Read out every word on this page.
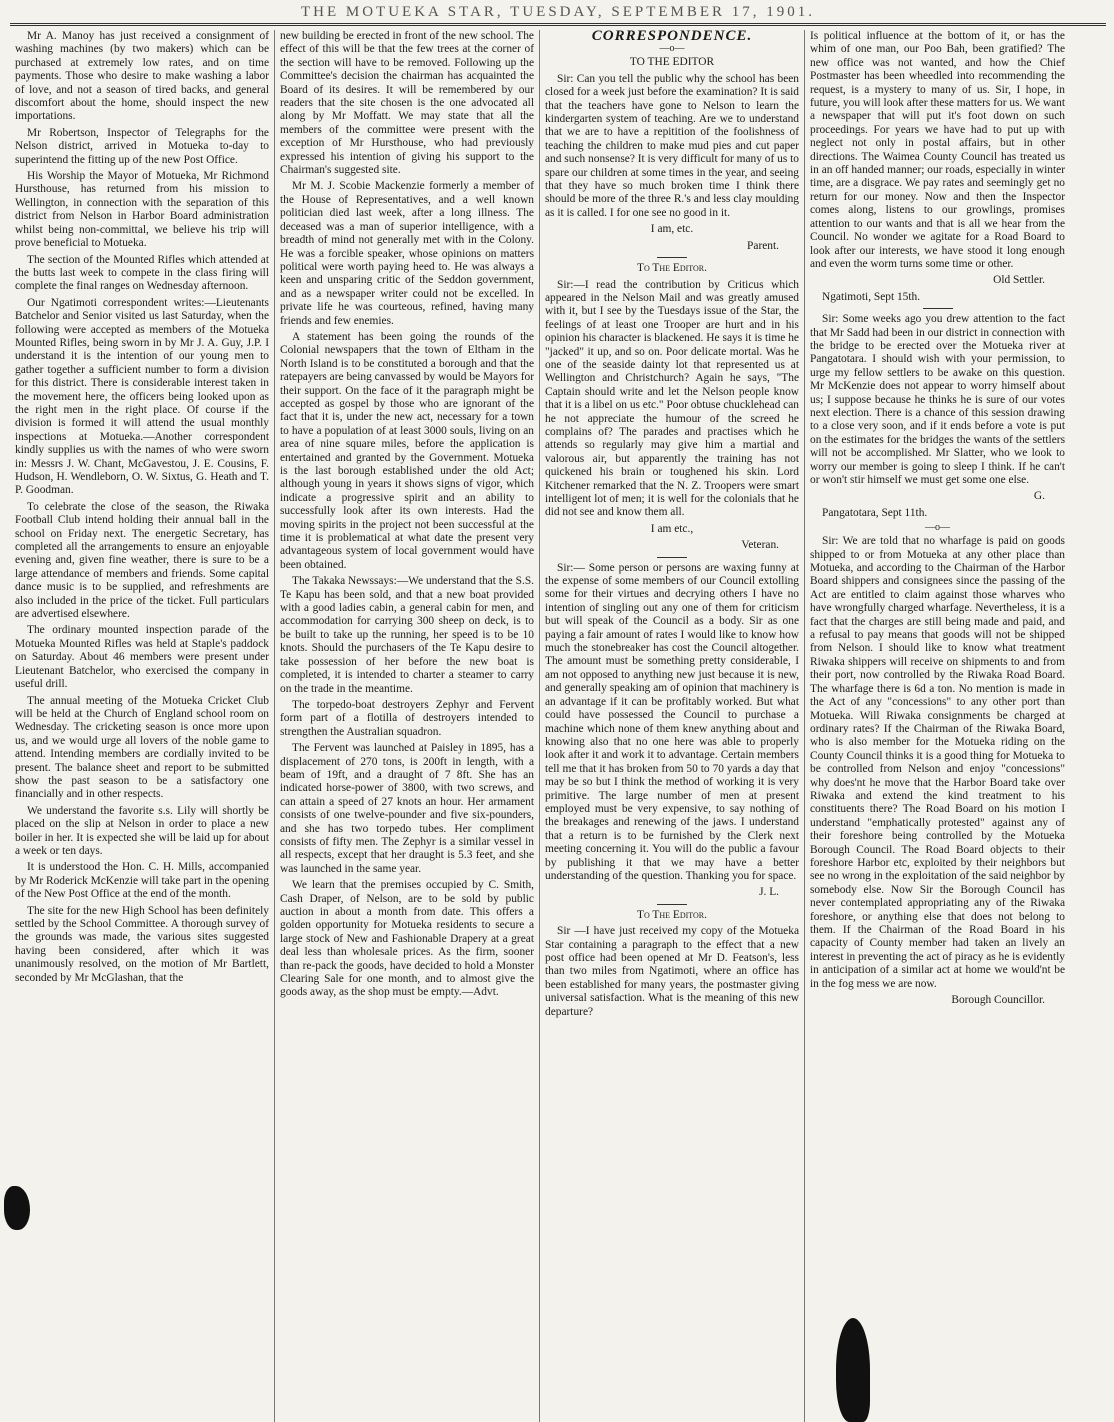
THE MOTUEKA STAR, TUESDAY, SEPTEMBER 17, 1901.

Mr A. Manoy has just received a consignment of washing machines (by two makers) which can be purchased at extremely low rates, and on time payments. Those who desire to make washing a labor of love, and not a season of tired backs, and general discomfort about the home, should inspect the new importations.

Mr Robertson, Inspector of Telegraphs for the Nelson district, arrived in Motueka to-day to superintend the fitting up of the new Post Office.

His Worship the Mayor of Motueka, Mr Richmond Hursthouse, has returned from his mission to Wellington, in connection with the separation of this district from Nelson in Harbor Board administration whilst being non-committal, we believe his trip will prove beneficial to Motueka.

The section of the Mounted Rifles which attended at the butts last week to compete in the class firing will complete the final ranges on Wednesday afternoon.

Our Ngatimoti correspondent writes:—Lieutenants Batchelor and Senior visited us last Saturday, when the following were accepted as members of the Motueka Mounted Rifles, being sworn in by Mr J. A. Guy, J.P. I understand it is the intention of our young men to gather together a sufficient number to form a division for this district. There is considerable interest taken in the movement here, the officers being looked upon as the right men in the right place. Of course if the division is formed it will attend the usual monthly inspections at Motueka.—Another correspondent kindly supplies us with the names of who were sworn in: Messrs J. W. Chant, McGavestou, J. E. Cousins, F. Hudson, H. Wendleborn, O. W. Sixtus, G. Heath and T. P. Goodman.

To celebrate the close of the season, the Riwaka Football Club intend holding their annual ball in the school on Friday next. The energetic Secretary, has completed all the arrangements to ensure an enjoyable evening and, given fine weather, there is sure to be a large attendance of members and friends. Some capital dance music is to be supplied, and refreshments are also included in the price of the ticket. Full particulars are advertised elsewhere.

The ordinary mounted inspection parade of the Motueka Mounted Rifles was held at Staple's paddock on Saturday. About 46 members were present under Lieutenant Batchelor, who exercised the company in useful drill.

The annual meeting of the Motueka Cricket Club will be held at the Church of England school room on Wednesday. The cricketing season is once more upon us, and we would urge all lovers of the noble game to attend. Intending members are cordially invited to be present. The balance sheet and report to be submitted show the past season to be a satisfactory one financially and in other respects.

We understand the favorite s.s. Lily will shortly be placed on the slip at Nelson in order to place a new boiler in her. It is expected she will be laid up for about a week or ten days.

It is understood the Hon. C. H. Mills, accompanied by Mr Roderick McKenzie will take part in the opening of the New Post Office at the end of the month.

The site for the new High School has been definitely settled by the School Committee. A thorough survey of the grounds was made, the various sites suggested having been considered, after which it was unanimously resolved, on the motion of Mr Bartlett, seconded by Mr McGlashan, that the

new building be erected in front of the new school. The effect of this will be that the few trees at the corner of the section will have to be removed. Following up the Committee's decision the chairman has acquainted the Board of its desires. It will be remembered by our readers that the site chosen is the one advocated all along by Mr Moffatt. We may state that all the members of the committee were present with the exception of Mr Hursthouse, who had previously expressed his intention of giving his support to the Chairman's suggested site.

Mr M. J. Scobie Mackenzie formerly a member of the House of Representatives, and a well known politician died last week, after a long illness. The deceased was a man of superior intelligence, with a breadth of mind not generally met with in the Colony. He was a forcible speaker, whose opinions on matters political were worth paying heed to. He was always a keen and unsparing critic of the Seddon government, and as a newspaper writer could not be excelled. In private life he was courteous, refined, having many friends and few enemies.

A statement has been going the rounds of the Colonial newspapers that the town of Eltham in the North Island is to be constituted a borough and that the ratepayers are being canvassed by would be Mayors for their support. On the face of it the paragraph might be accepted as gospel by those who are ignorant of the fact that it is, under the new act, necessary for a town to have a population of at least 3000 souls, living on an area of nine square miles, before the application is entertained and granted by the Government. Motueka is the last borough established under the old Act; although young in years it shows signs of vigor, which indicate a progressive spirit and an ability to successfully look after its own interests. Had the moving spirits in the project not been successful at the time it is problematical at what date the present very advantageous system of local government would have been obtained.

The Takaka Newssays:—We understand that the S.S. Te Kapu has been sold, and that a new boat provided with a good ladies cabin, a general cabin for men, and accommodation for carrying 300 sheep on deck, is to be built to take up the running, her speed is to be 10 knots. Should the purchasers of the Te Kapu desire to take possession of her before the new boat is completed, it is intended to charter a steamer to carry on the trade in the meantime.

The torpedo-boat destroyers Zephyr and Fervent form part of a flotilla of destroyers intended to strengthen the Australian squadron.

The Fervent was launched at Paisley in 1895, has a displacement of 270 tons, is 200ft in length, with a beam of 19ft, and a draught of 7 8ft. She has an indicated horse-power of 3800, with two screws, and can attain a speed of 27 knots an hour. Her armament consists of one twelve-pounder and five six-pounders, and she has two torpedo tubes. Her compliment consists of fifty men. The Zephyr is a similar vessel in all respects, except that her draught is 5.3 feet, and she was launched in the same year.

We learn that the premises occupied by C. Smith, Cash Draper, of Nelson, are to be sold by public auction in about a month from date. This offers a golden opportunity for Motueka residents to secure a large stock of New and Fashionable Drapery at a great deal less than wholesale prices. As the firm, sooner than re-pack the goods, have decided to hold a Monster Clearing Sale for one month, and to almost give the goods away, as the shop must be empty.—Advt.

CORRESPONDENCE.
—o—

TO THE EDITOR

Sir: Can you tell the public why the school has been closed for a week just before the examination? It is said that the teachers have gone to Nelson to learn the kindergarten system of teaching. Are we to understand that we are to have a repitition of the foolishness of teaching the children to make mud pies and cut paper and such nonsense? It is very difficult for many of us to spare our children at some times in the year, and seeing that they have so much broken time I think there should be more of the three R.'s and less clay moulding as it is called. I for one see no good in it.

I am, etc.

Parent.

To The Editor.

Sir:—I read the contribution by Criticus which appeared in the Nelson Mail and was greatly amused with it, but I see by the Tuesdays issue of the Star, the feelings of at least one Trooper are hurt and in his opinion his character is blackened. He says it is time he "jacked" it up, and so on. Poor delicate mortal. Was he one of the seaside dainty lot that represented us at Wellington and Christchurch? Again he says, "The Captain should write and let the Nelson people know that it is a libel on us etc." Poor obtuse chucklehead can he not appreciate the humour of the screed he complains of? The parades and practises which he attends so regularly may give him a martial and valorous air, but apparently the training has not quickened his brain or toughened his skin. Lord Kitchener remarked that the N. Z. Troopers were smart intelligent lot of men; it is well for the colonials that he did not see and know them all.

I am etc.,

Veteran.

Sir:— Some person or persons are waxing funny at the expense of some members of our Council extolling some for their virtues and decrying others I have no intention of singling out any one of them for criticism but will speak of the Council as a body. Sir as one paying a fair amount of rates I would like to know how much the stonebreaker has cost the Council altogether. The amount must be something pretty considerable, I am not opposed to anything new just because it is new, and generally speaking am of opinion that machinery is an advantage if it can be profitably worked. But what could have possessed the Council to purchase a machine which none of them knew anything about and knowing also that no one here was able to properly look after it and work it to advantage. Certain members tell me that it has broken from 50 to 70 yards a day that may be so but I think the method of working it is very primitive. The large number of men at present employed must be very expensive, to say nothing of the breakages and renewing of the jaws. I understand that a return is to be furnished by the Clerk next meeting concerning it. You will do the public a favour by publishing it that we may have a better understanding of the question. Thanking you for space.

J. L.

To The Editor.

Sir —I have just received my copy of the Motueka Star containing a paragraph to the effect that a new post office had been opened at Mr D. Featson's, less than two miles from Ngatimoti, where an office has been established for many years, the postmaster giving universal satisfaction. What is the meaning of this new departure?

Is political influence at the bottom of it, or has the whim of one man, our Poo Bah, been gratified? The new office was not wanted, and how the Chief Postmaster has been wheedled into recommending the request, is a mystery to many of us. Sir, I hope, in future, you will look after these matters for us. We want a newspaper that will put it's foot down on such proceedings. For years we have had to put up with neglect not only in postal affairs, but in other directions. The Waimea County Council has treated us in an off handed manner; our roads, especially in winter time, are a disgrace. We pay rates and seemingly get no return for our money. Now and then the Inspector comes along, listens to our growlings, promises attention to our wants and that is all we hear from the Council. No wonder we agitate for a Road Board to look after our interests, we have stood it long enough and even the worm turns some time or other.

Old Settler.

Ngatimoti, Sept 15th.

Sir: Some weeks ago you drew attention to the fact that Mr Sadd had been in our district in connection with the bridge to be erected over the Motueka river at Pangatotara. I should wish with your permission, to urge my fellow settlers to be awake on this question. Mr McKenzie does not appear to worry himself about us; I suppose because he thinks he is sure of our votes next election. There is a chance of this session drawing to a close very soon, and if it ends before a vote is put on the estimates for the bridges the wants of the settlers will not be accomplished. Mr Slatter, who we look to worry our member is going to sleep I think. If he can't or won't stir himself we must get some one else.

G.

Pangatotara, Sept 11th.

—o—

Sir: We are told that no wharfage is paid on goods shipped to or from Motueka at any other place than Motueka, and according to the Chairman of the Harbor Board shippers and consignees since the passing of the Act are entitled to claim against those wharves who have wrongfully charged wharfage. Nevertheless, it is a fact that the charges are still being made and paid, and a refusal to pay means that goods will not be shipped from Nelson. I should like to know what treatment Riwaka shippers will receive on shipments to and from their port, now controlled by the Riwaka Road Board. The wharfage there is 6d a ton. No mention is made in the Act of any "concessions" to any other port than Motueka. Will Riwaka consignments be charged at ordinary rates? If the Chairman of the Riwaka Board, who is also member for the Motueka riding on the County Council thinks it is a good thing for Motueka to be controlled from Nelson and enjoy "concessions" why does'nt he move that the Harbor Board take over Riwaka and extend the kind treatment to his constituents there? The Road Board on his motion I understand "emphatically protested" against any of their foreshore being controlled by the Motueka Borough Council. The Road Board objects to their foreshore Harbor etc, exploited by their neighbors but see no wrong in the exploitation of the said neighbor by somebody else. Now Sir the Borough Council has never contemplated appropriating any of the Riwaka foreshore, or anything else that does not belong to them. If the Chairman of the Road Board in his capacity of County member had taken an lively an interest in preventing the act of piracy as he is evidently in anticipation of a similar act at home we would'nt be in the fog mess we are now.

Borough Councillor.
